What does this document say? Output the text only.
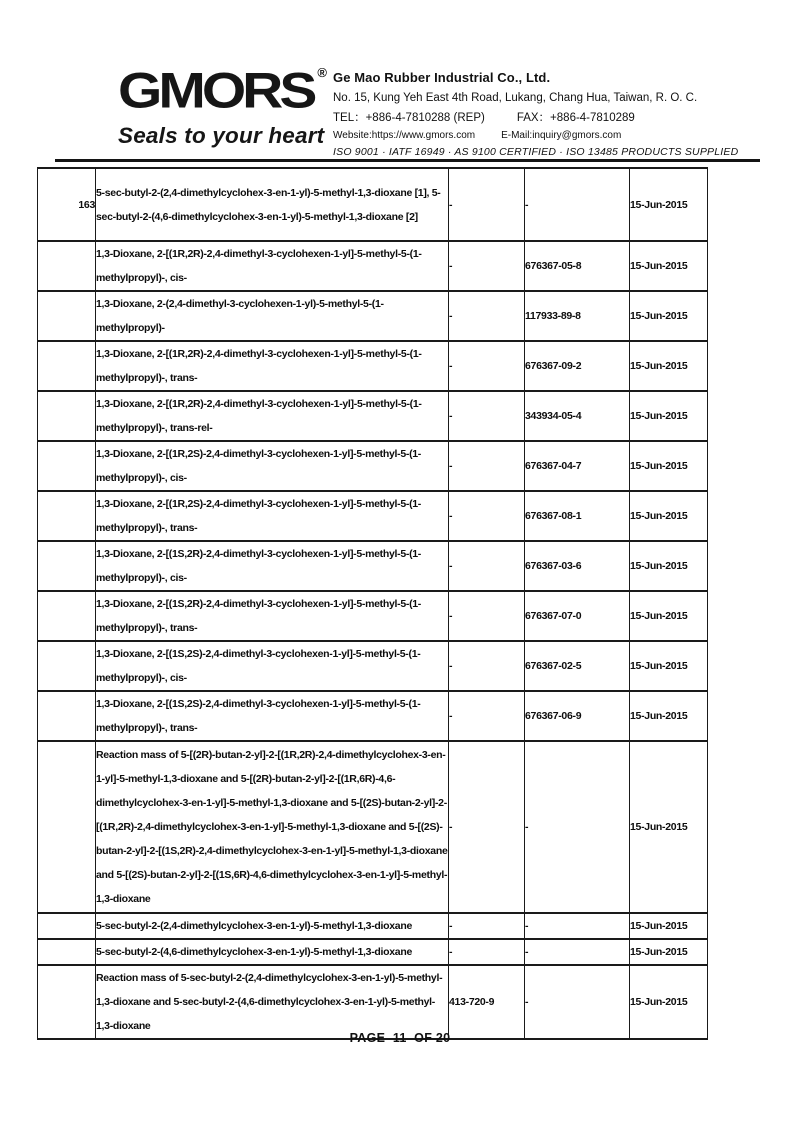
GMORS ®
Seals to your heart
Ge Mao Rubber Industrial Co., Ltd.
No. 15, Kung Yeh East 4th Road, Lukang, Chang Hua, Taiwan, R. O. C.
TEL：+886-4-7810288 (REP)	FAX：+886-4-7810289
Website:https://www.gmors.com	E-Mail:inquiry@gmors.com
ISO 9001 · IATF 16949 · AS 9100 CERTIFIED · ISO 13485 PRODUCTS SUPPLIED
163	5-sec-butyl-2-(2,4-dimethylcyclohex-3-en-1-yl)-5-methyl-1,3-dioxane [1], 5-sec-butyl-2-(4,6-dimethylcyclohex-3-en-1-yl)-5-methyl-1,3-dioxane [2]	-	-	15-Jun-2015
	1,3-Dioxane, 2-[(1R,2R)-2,4-dimethyl-3-cyclohexen-1-yl]-5-methyl-5-(1-methylpropyl)-, cis-	-	676367-05-8	15-Jun-2015
	1,3-Dioxane, 2-(2,4-dimethyl-3-cyclohexen-1-yl)-5-methyl-5-(1-methylpropyl)-	-	117933-89-8	15-Jun-2015
	1,3-Dioxane, 2-[(1R,2R)-2,4-dimethyl-3-cyclohexen-1-yl]-5-methyl-5-(1-methylpropyl)-, trans-	-	676367-09-2	15-Jun-2015
	1,3-Dioxane, 2-[(1R,2R)-2,4-dimethyl-3-cyclohexen-1-yl]-5-methyl-5-(1-methylpropyl)-, trans-rel-	-	343934-05-4	15-Jun-2015
	1,3-Dioxane, 2-[(1R,2S)-2,4-dimethyl-3-cyclohexen-1-yl]-5-methyl-5-(1-methylpropyl)-, cis-	-	676367-04-7	15-Jun-2015
	1,3-Dioxane, 2-[(1R,2S)-2,4-dimethyl-3-cyclohexen-1-yl]-5-methyl-5-(1-methylpropyl)-, trans-	-	676367-08-1	15-Jun-2015
	1,3-Dioxane, 2-[(1S,2R)-2,4-dimethyl-3-cyclohexen-1-yl]-5-methyl-5-(1-methylpropyl)-, cis-	-	676367-03-6	15-Jun-2015
	1,3-Dioxane, 2-[(1S,2R)-2,4-dimethyl-3-cyclohexen-1-yl]-5-methyl-5-(1-methylpropyl)-, trans-	-	676367-07-0	15-Jun-2015
	1,3-Dioxane, 2-[(1S,2S)-2,4-dimethyl-3-cyclohexen-1-yl]-5-methyl-5-(1-methylpropyl)-, cis-	-	676367-02-5	15-Jun-2015
	1,3-Dioxane, 2-[(1S,2S)-2,4-dimethyl-3-cyclohexen-1-yl]-5-methyl-5-(1-methylpropyl)-, trans-	-	676367-06-9	15-Jun-2015
	Reaction mass of 5-[(2R)-butan-2-yl]-2-[(1R,2R)-2,4-dimethylcyclohex-3-en-1-yl]-5-methyl-1,3-dioxane and 5-[(2R)-butan-2-yl]-2-[(1R,6R)-4,6-dimethylcyclohex-3-en-1-yl]-5-methyl-1,3-dioxane and 5-[(2S)-butan-2-yl]-2-[(1R,2R)-2,4-dimethylcyclohex-3-en-1-yl]-5-methyl-1,3-dioxane and 5-[(2S)-butan-2-yl]-2-[(1S,2R)-2,4-dimethylcyclohex-3-en-1-yl]-5-methyl-1,3-dioxane and 5-[(2S)-butan-2-yl]-2-[(1S,6R)-4,6-dimethylcyclohex-3-en-1-yl]-5-methyl-1,3-dioxane	-	-	15-Jun-2015
	5-sec-butyl-2-(2,4-dimethylcyclohex-3-en-1-yl)-5-methyl-1,3-dioxane	-	-	15-Jun-2015
	5-sec-butyl-2-(4,6-dimethylcyclohex-3-en-1-yl)-5-methyl-1,3-dioxane	-	-	15-Jun-2015
	Reaction mass of 5-sec-butyl-2-(2,4-dimethylcyclohex-3-en-1-yl)-5-methyl-1,3-dioxane and 5-sec-butyl-2-(4,6-dimethylcyclohex-3-en-1-yl)-5-methyl-1,3-dioxane	413-720-9	-	15-Jun-2015
PAGE  11  OF 20
